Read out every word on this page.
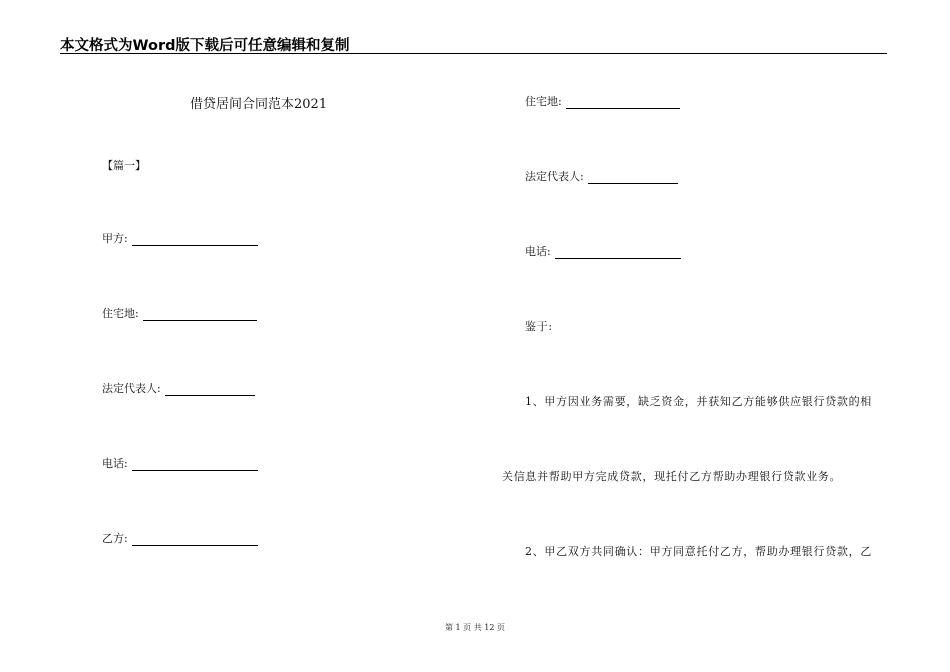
本文格式为Word版下载后可任意编辑和复制
借贷居间合同范本2021
【篇一】
甲方:
住宅地:
法定代表人:
电话:
乙方:
住宅地:
法定代表人:
电话:
鉴于:
1、甲方因业务需要，缺乏资金，并获知乙方能够供应银行贷款的相
关信息并帮助甲方完成贷款，现托付乙方帮助办理银行贷款业务。
2、甲乙双方共同确认：甲方同意托付乙方，帮助办理银行贷款，乙
第 1 页 共 12 页
